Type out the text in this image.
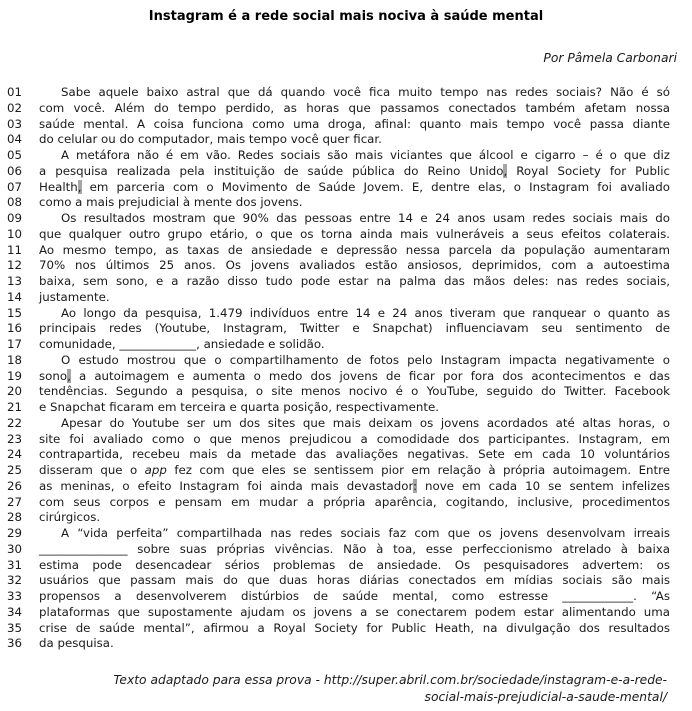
Instagram é a rede social mais nociva à saúde mental
Por Pâmela Carbonari
01	Sabe aquele baixo astral que dá quando você fica muito tempo nas redes sociais? Não é só
02	com você. Além do tempo perdido, as horas que passamos conectados também afetam nossa
03	saúde mental. A coisa funciona como uma droga, afinal: quanto mais tempo você passa diante
04	do celular ou do computador, mais tempo você quer ficar.
05	A metáfora não é em vão. Redes sociais são mais viciantes que álcool e cigarro – é o que diz
06	a pesquisa realizada pela instituição de saúde pública do Reino Unido, Royal Society for Public
07	Health, em parceria com o Movimento de Saúde Jovem. E, dentre elas, o Instagram foi avaliado
08	como a mais prejudicial à mente dos jovens.
09	Os resultados mostram que 90% das pessoas entre 14 e 24 anos usam redes sociais mais do
10	que qualquer outro grupo etário, o que os torna ainda mais vulneráveis a seus efeitos colaterais.
11	Ao mesmo tempo, as taxas de ansiedade e depressão nessa parcela da população aumentaram
12	70% nos últimos 25 anos. Os jovens avaliados estão ansiosos, deprimidos, com a autoestima
13	baixa, sem sono, e a razão disso tudo pode estar na palma das mãos deles: nas redes sociais,
14	justamente.
15	Ao longo da pesquisa, 1.479 indivíduos entre 14 e 24 anos tiveram que ranquear o quanto as
16	principais redes (Youtube, Instagram, Twitter e Snapchat) influenciavam seu sentimento de
17	comunidade, _____________, ansiedade e solidão.
18	O estudo mostrou que o compartilhamento de fotos pelo Instagram impacta negativamente o
19	sono, a autoimagem e aumenta o medo dos jovens de ficar por fora dos acontecimentos e das
20	tendências. Segundo a pesquisa, o site menos nocivo é o YouTube, seguido do Twitter. Facebook
21	e Snapchat ficaram em terceira e quarta posição, respectivamente.
22	Apesar do Youtube ser um dos sites que mais deixam os jovens acordados até altas horas, o
23	site foi avaliado como o que menos prejudicou a comodidade dos participantes. Instagram, em
24	contrapartida, recebeu mais da metade das avaliações negativas. Sete em cada 10 voluntários
25	disseram que o app fez com que eles se sentissem pior em relação à própria autoimagem. Entre
26	as meninas, o efeito Instagram foi ainda mais devastador: nove em cada 10 se sentem infelizes
27	com seus corpos e pensam em mudar a própria aparência, cogitando, inclusive, procedimentos
28	cirúrgicos.
29	A “vida perfeita” compartilhada nas redes sociais faz com que os jovens desenvolvam irreais
30	_______________ sobre suas próprias vivências. Não à toa, esse perfeccionismo atrelado à baixa
31	estima pode desencadear sérios problemas de ansiedade. Os pesquisadores advertem: os
32	usuários que passam mais do que duas horas diárias conectados em mídias sociais são mais
33	propensos a desenvolverem distúrbios de saúde mental, como estresse ____________. “As
34	plataformas que supostamente ajudam os jovens a se conectarem podem estar alimentando uma
35	crise de saúde mental”, afirmou a Royal Society for Public Heath, na divulgação dos resultados
36	da pesquisa.
Texto adaptado para essa prova - http://super.abril.com.br/sociedade/instagram-e-a-rede-
social-mais-prejudicial-a-saude-mental/
